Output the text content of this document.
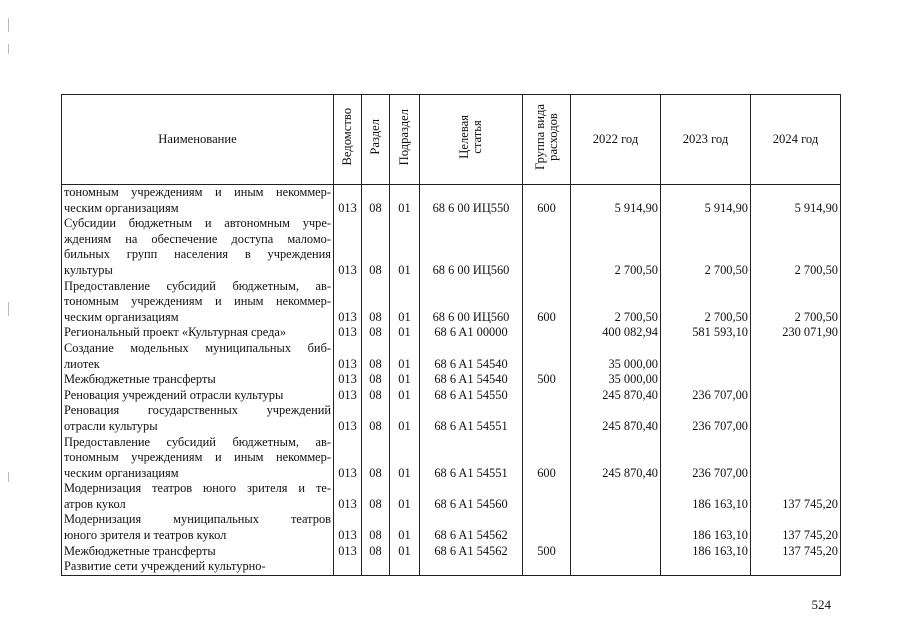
Наименование	Ведомство	Раздел	Подраздел	Целевая
статья	Группа вида
расходов	2022 год	2023 год	2024 год

тономным учреждениям и иным некоммер-
ческим организациям	013	08	01	68 6 00 ИЦ550	600	5 914,90	5 914,90	5 914,90

Субсидии бюджетным и автономным учре-
ждениям на обеспечение доступа маломо-
бильных групп населения в учреждения
культуры	013	08	01	68 6 00 ИЦ560		2 700,50	2 700,50	2 700,50

Предоставление субсидий бюджетным, ав-
тономным учреждениям и иным некоммер-
ческим организациям	013	08	01	68 6 00 ИЦ560	600	2 700,50	2 700,50	2 700,50

Региональный проект «Культурная среда»	013	08	01	68 6 A1 00000		400 082,94	581 593,10	230 071,90

Создание модельных муниципальных биб-
лиотек	013	08	01	68 6 A1 54540		35 000,00		

Межбюджетные трансферты	013	08	01	68 6 A1 54540	500	35 000,00		

Реновация учреждений отрасли культуры	013	08	01	68 6 A1 54550		245 870,40	236 707,00	

Реновация государственных учреждений
отрасли культуры	013	08	01	68 6 A1 54551		245 870,40	236 707,00	

Предоставление субсидий бюджетным, ав-
тономным учреждениям и иным некоммер-
ческим организациям	013	08	01	68 6 A1 54551	600	245 870,40	236 707,00	

Модернизация театров юного зрителя и те-
атров кукол	013	08	01	68 6 A1 54560			186 163,10	137 745,20

Модернизация муниципальных театров
юного зрителя и театров кукол	013	08	01	68 6 A1 54562			186 163,10	137 745,20

Межбюджетные трансферты	013	08	01	68 6 A1 54562	500		186 163,10	137 745,20

Развитие сети учреждений культурно-								

524
